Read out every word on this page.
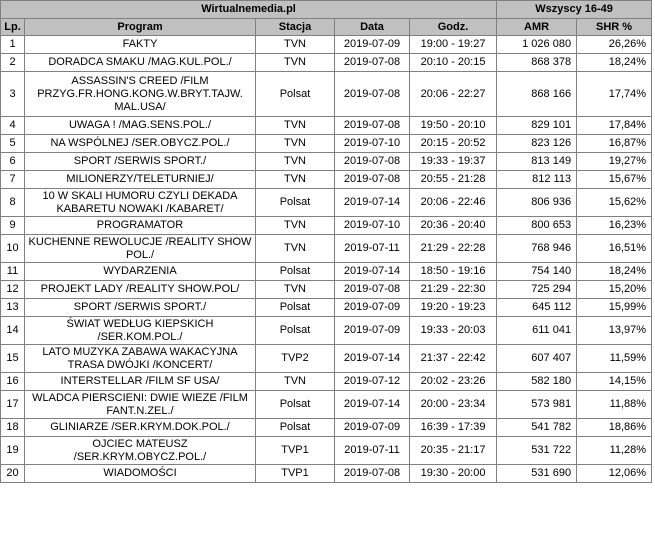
Wirtualnemedia.pl					Wszyscy 16-49	
Lp.	Program	Stacja	Data	Godz.	AMR	SHR %
1	FAKTY	TVN	2019-07-09	19:00 - 19:27	1 026 080	26,26%
2	DORADCA SMAKU /MAG.KUL.POL./	TVN	2019-07-08	20:10 - 20:15	868 378	18,24%
3	ASSASSIN'S CREED /FILM PRZYG.FR.HONG.KONG.W.BRYT.TAJW. MAL.USA/	Polsat	2019-07-08	20:06 - 22:27	868 166	17,74%
4	UWAGA ! /MAG.SENS.POL./	TVN	2019-07-08	19:50 - 20:10	829 101	17,84%
5	NA WSPÓLNEJ /SER.OBYCZ.POL./	TVN	2019-07-10	20:15 - 20:52	823 126	16,87%
6	SPORT /SERWIS SPORT./	TVN	2019-07-08	19:33 - 19:37	813 149	19,27%
7	MILIONERZY/TELETURNIEJ/	TVN	2019-07-08	20:55 - 21:28	812 113	15,67%
8	10 W SKALI HUMORU CZYLI DEKADA KABARETU NOWAKI /KABARET/	Polsat	2019-07-14	20:06 - 22:46	806 936	15,62%
9	PROGRAMATOR	TVN	2019-07-10	20:36 - 20:40	800 653	16,23%
10	KUCHENNE REWOLUCJE /REALITY SHOW POL./	TVN	2019-07-11	21:29 - 22:28	768 946	16,51%
11	WYDARZENIA	Polsat	2019-07-14	18:50 - 19:16	754 140	18,24%
12	PROJEKT LADY /REALITY SHOW.POL/	TVN	2019-07-08	21:29 - 22:30	725 294	15,20%
13	SPORT /SERWIS SPORT./	Polsat	2019-07-09	19:20 - 19:23	645 112	15,99%
14	ŚWIAT WEDŁUG KIEPSKICH /SER.KOM.POL./	Polsat	2019-07-09	19:33 - 20:03	611 041	13,97%
15	LATO MUZYKA ZABAWA WAKACYJNA TRASA DWÓJKI /KONCERT/	TVP2	2019-07-14	21:37 - 22:42	607 407	11,59%
16	INTERSTELLAR /FILM SF USA/	TVN	2019-07-12	20:02 - 23:26	582 180	14,15%
17	WLADCA PIERSCIENI: DWIE WIEZE /FILM FANT.N.ZEL./	Polsat	2019-07-14	20:00 - 23:34	573 981	11,88%
18	GLINIARZE /SER.KRYM.DOK.POL./	Polsat	2019-07-09	16:39 - 17:39	541 782	18,86%
19	OJCIEC MATEUSZ /SER.KRYM.OBYCZ.POL./	TVP1	2019-07-11	20:35 - 21:17	531 722	11,28%
20	WIADOMOŚCI	TVP1	2019-07-08	19:30 - 20:00	531 690	12,06%
